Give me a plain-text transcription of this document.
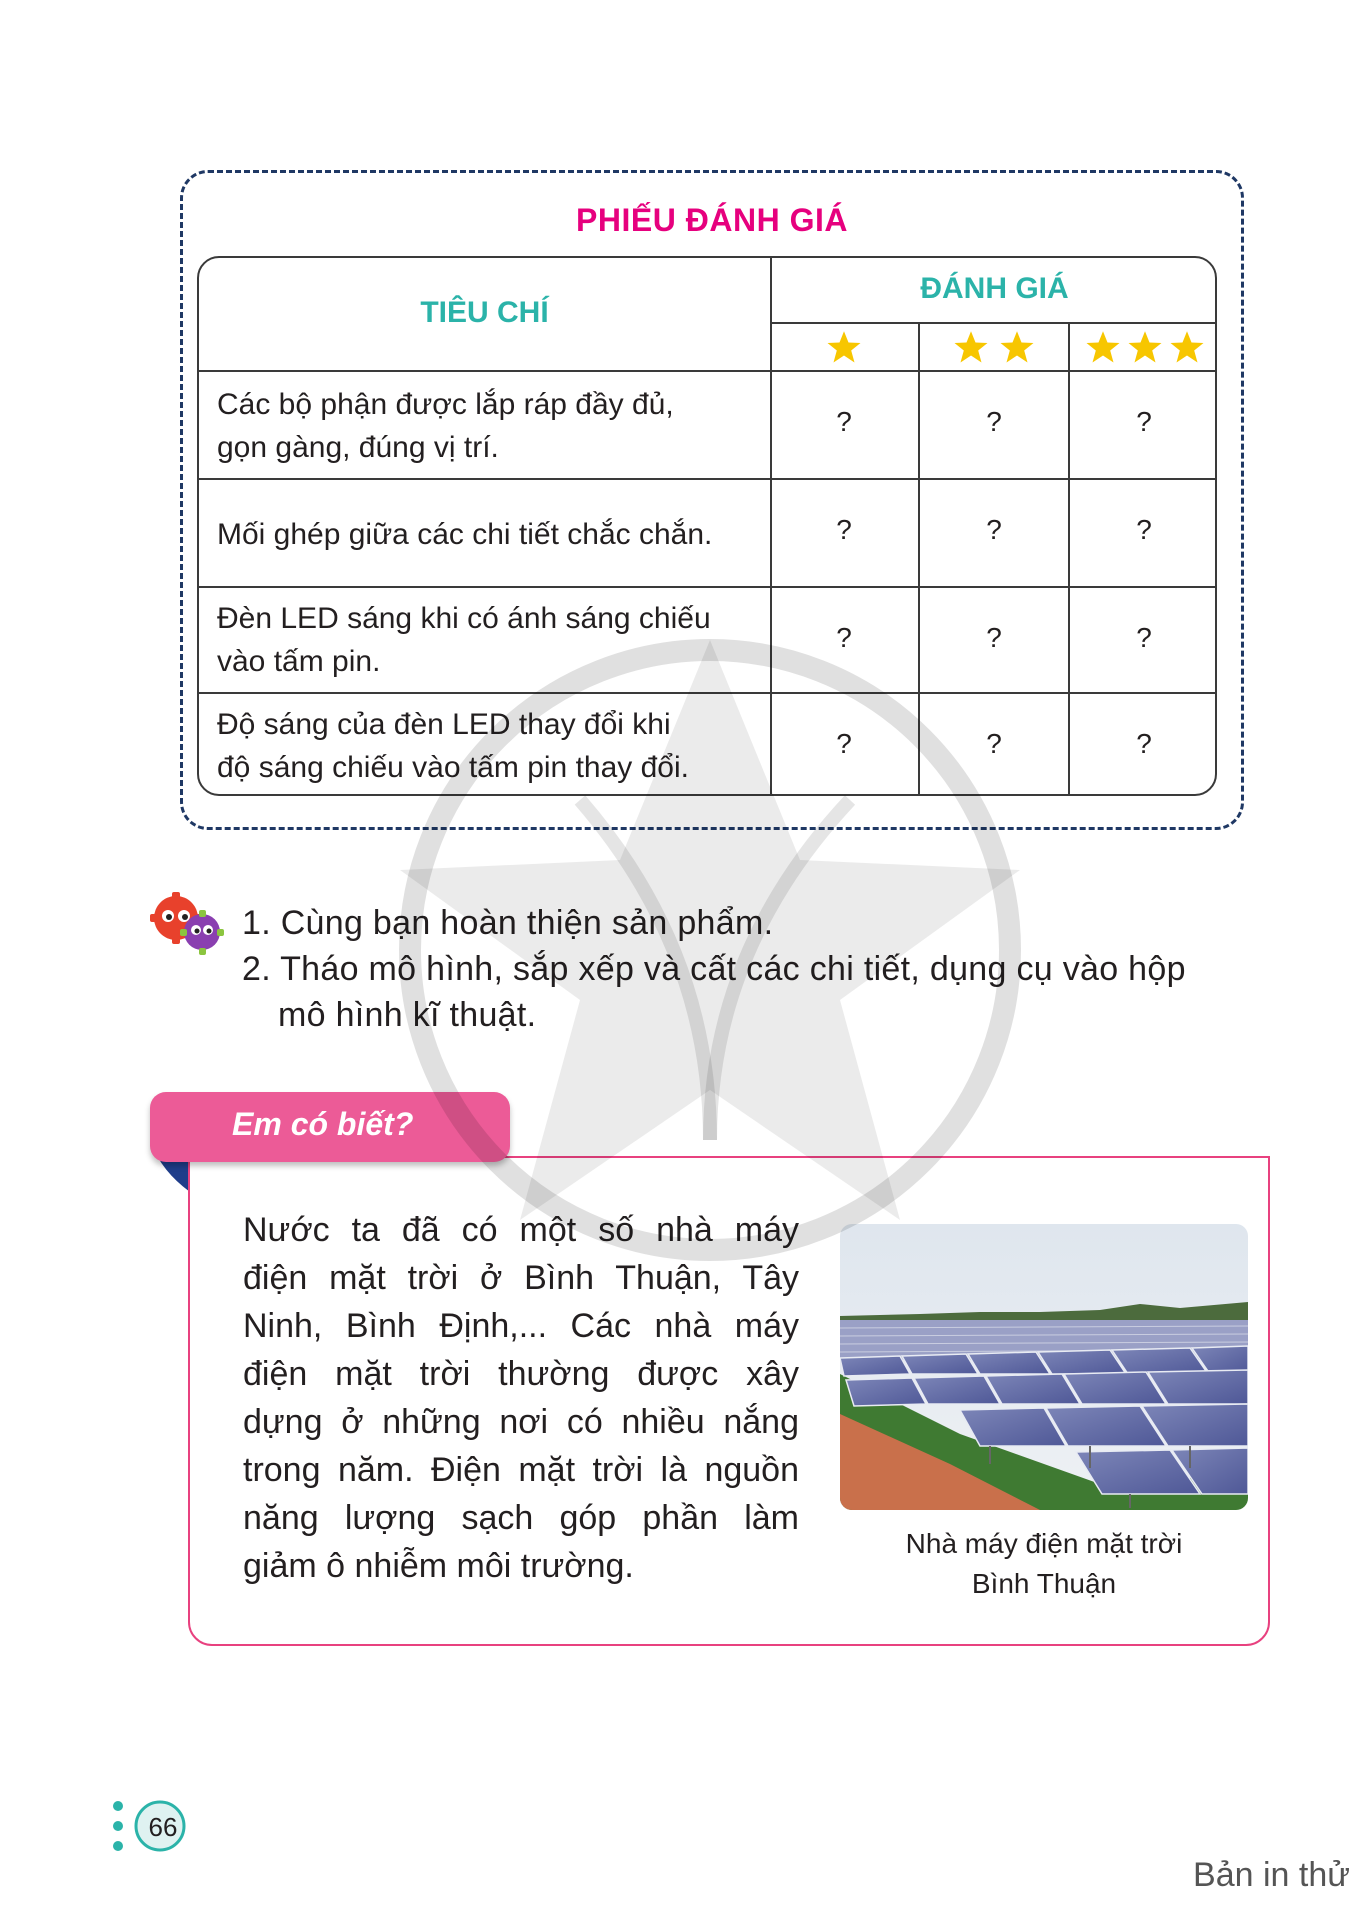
PHIẾU ĐÁNH GIÁ
TIÊU CHÍ
ĐÁNH GIÁ
Các bộ phận được lắp ráp đầy đủ,
gọn gàng, đúng vị trí.
?	?	?
Mối ghép giữa các chi tiết chắc chắn.	?	?	?
Đèn LED sáng khi có ánh sáng chiếu
vào tấm pin.
?	?	?
Độ sáng của đèn LED thay đổi khi
độ sáng chiếu vào tấm pin thay đổi.
?	?	?
1. Cùng bạn hoàn thiện sản phẩm.
2. Tháo mô hình, sắp xếp và cất các chi tiết, dụng cụ vào hộp
mô hình kĩ thuật.
Em có biết?
Nước ta đã có một số nhà máy
điện mặt trời ở Bình Thuận, Tây
Ninh, Bình Định,... Các nhà máy
điện mặt trời thường được xây
dựng ở những nơi có nhiều nắng
trong năm. Điện mặt trời là nguồn
năng lượng sạch góp phần làm
giảm ô nhiễm môi trường.
Nhà máy điện mặt trời
Bình Thuận
66
Bản in thử
